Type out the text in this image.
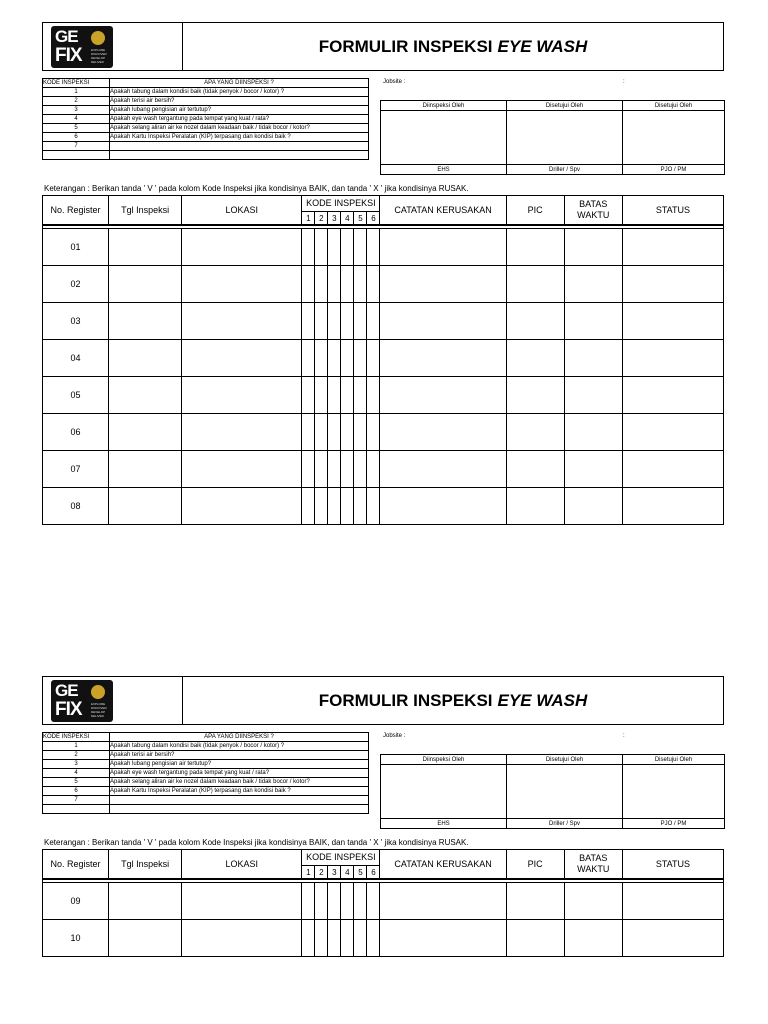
GE
FIX	EXPLORE DISCOVER DEVELOP DELIVER
FORMULIR INSPEKSI EYE WASH
KODE INSPEKSI	APA YANG DIINSPEKSI ?
1	Apakah tabung dalam kondisi baik (tidak penyok / bocor / kotor) ?
2	Apakah terisi air bersih?
3	Apakah lubang pengisian air tertutup?
4	Apakah eye wash tergantung pada tempat yang kuat / rata?
5	Apakah selang aliran air ke nozel dalam keadaan baik / tidak bocor / kotor?
6	Apakah Kartu Inspeksi Peralatan (KIP) terpasang dan kondisi baik ?
7	

Jobsite :	:
Diinspeksi Oleh	Disetujui Oleh	Disetujui Oleh

EHS	Driller / Spv	PJO / PM
Keterangan : Berikan tanda ' V ' pada kolom Kode Inspeksi jika kondisinya BAIK, dan tanda ' X ' jika kondisinya RUSAK.
No. Register	Tgl Inspeksi	LOKASI	KODE INSPEKSI						CATATAN KERUSAKAN	PIC	BATAS WAKTU	STATUS
			1	2	3	4	5	6				

01												
02												
03												
04												
05												
06												
07												
08												
GE
FIX	EXPLORE DISCOVER DEVELOP DELIVER
FORMULIR INSPEKSI EYE WASH
KODE INSPEKSI	APA YANG DIINSPEKSI ?
1	Apakah tabung dalam kondisi baik (tidak penyok / bocor / kotor) ?
2	Apakah terisi air bersih?
3	Apakah lubang pengisian air tertutup?
4	Apakah eye wash tergantung pada tempat yang kuat / rata?
5	Apakah selang aliran air ke nozel dalam keadaan baik / tidak bocor / kotor?
6	Apakah Kartu Inspeksi Peralatan (KIP) terpasang dan kondisi baik ?
7	

Jobsite :	:
Diinspeksi Oleh	Disetujui Oleh	Disetujui Oleh

EHS	Driller / Spv	PJO / PM
Keterangan : Berikan tanda ' V ' pada kolom Kode Inspeksi jika kondisinya BAIK, dan tanda ' X ' jika kondisinya RUSAK.
No. Register	Tgl Inspeksi	LOKASI	KODE INSPEKSI						CATATAN KERUSAKAN	PIC	BATAS WAKTU	STATUS
			1	2	3	4	5	6				

09												
10												
